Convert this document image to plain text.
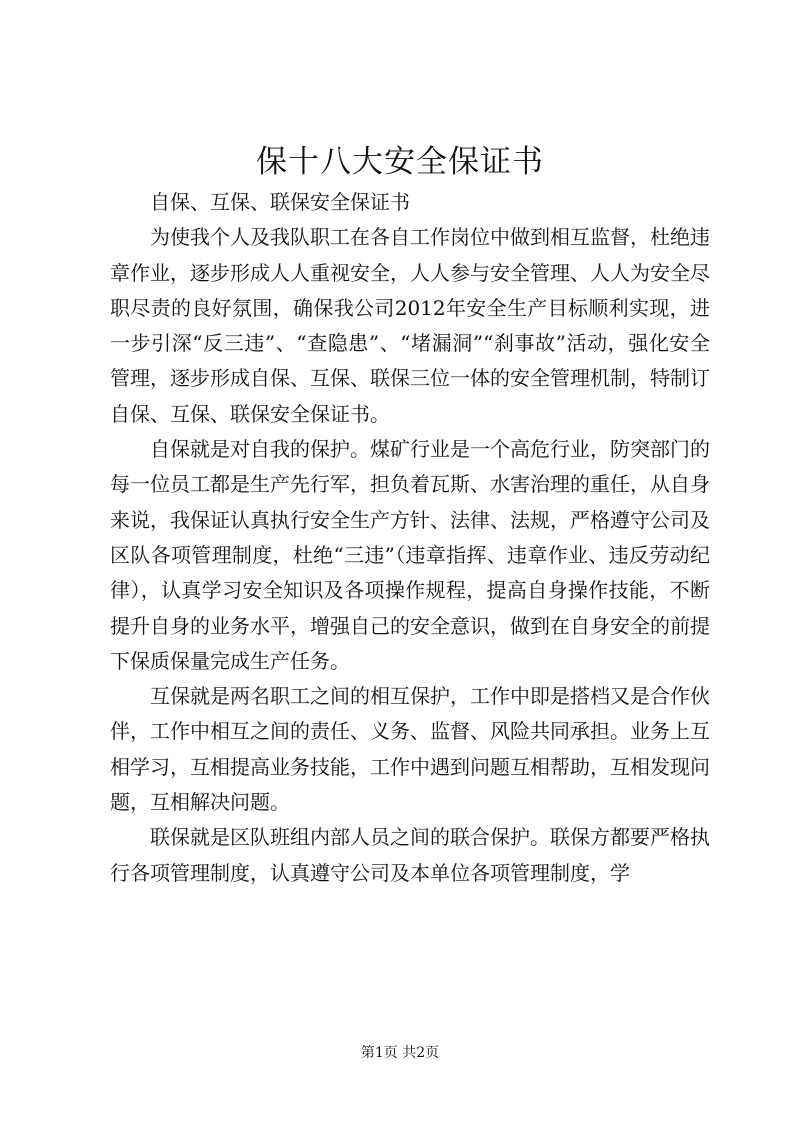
保十八大安全保证书

自保、互保、联保安全保证书

为使我个人及我队职工在各自工作岗位中做到相互监督，杜绝违章作业，逐步形成人人重视安全，人人参与安全管理、人人为安全尽职尽责的良好氛围，确保我公司2012年安全生产目标顺利实现，进一步引深“反三违”、“查隐患”、“堵漏洞”“刹事故”活动，强化安全管理，逐步形成自保、互保、联保三位一体的安全管理机制，特制订自保、互保、联保安全保证书。

自保就是对自我的保护。煤矿行业是一个高危行业，防突部门的每一位员工都是生产先行军，担负着瓦斯、水害治理的重任，从自身来说，我保证认真执行安全生产方针、法律、法规，严格遵守公司及区队各项管理制度，杜绝“三违”（违章指挥、违章作业、违反劳动纪律），认真学习安全知识及各项操作规程，提高自身操作技能，不断提升自身的业务水平，增强自己的安全意识，做到在自身安全的前提下保质保量完成生产任务。

互保就是两名职工之间的相互保护，工作中即是搭档又是合作伙伴，工作中相互之间的责任、义务、监督、风险共同承担。业务上互相学习，互相提高业务技能，工作中遇到问题互相帮助，互相发现问题，互相解决问题。

联保就是区队班组内部人员之间的联合保护。联保方都要严格执行各项管理制度，认真遵守公司及本单位各项管理制度，学

第1页 共2页
